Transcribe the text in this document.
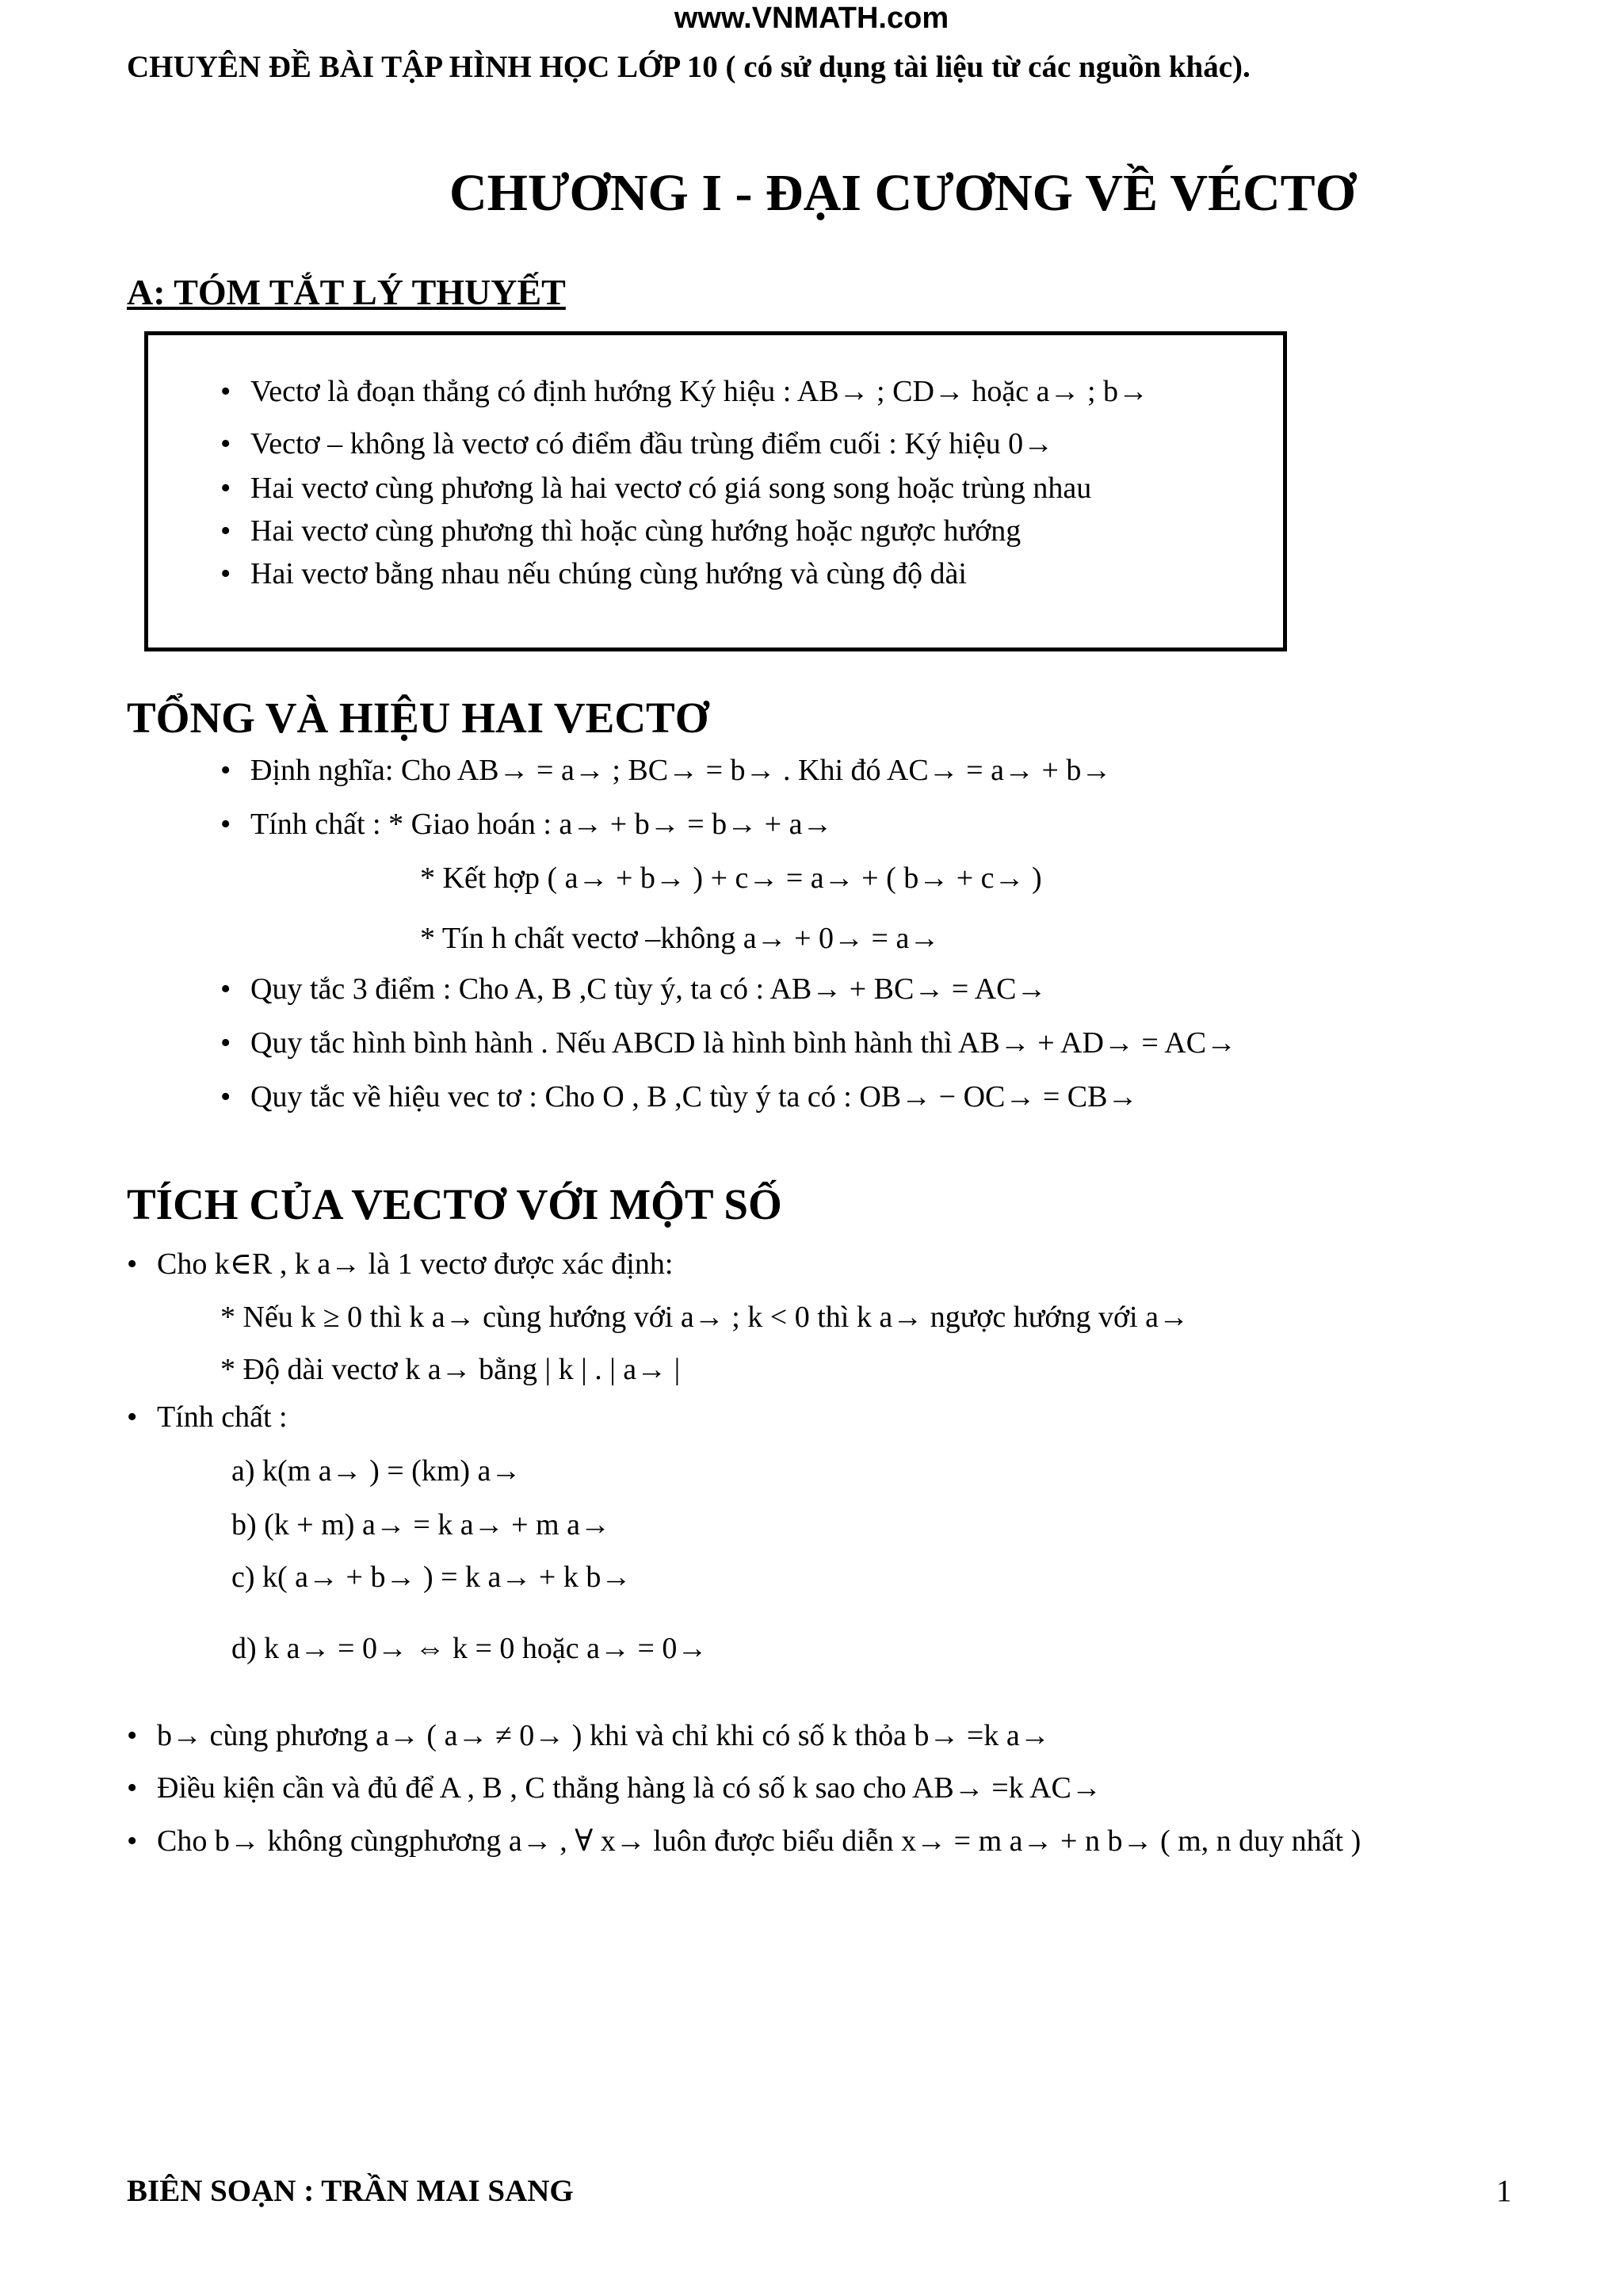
www.VNMATH.com
CHUYÊN ĐỀ BÀI TẬP HÌNH HỌC LỚP 10 ( có sử dụng tài liệu từ các nguồn khác).
CHƯƠNG I - ĐẠI CƯƠNG VỀ VÉCTƠ
A: TÓM TẮT LÝ THUYẾT
• Vectơ là đoạn thẳng có định hướng Ký hiệu : AB→ ; CD→ hoặc a→ ; b→
• Vectơ – không là vectơ có điểm đầu trùng điểm cuối : Ký hiệu 0→
• Hai vectơ cùng phương là hai vectơ có giá song song hoặc trùng nhau
• Hai vectơ cùng phương thì hoặc cùng hướng hoặc ngược hướng
• Hai vectơ bằng nhau nếu chúng cùng hướng và cùng độ dài
TỔNG VÀ HIỆU HAI VECTƠ
• Định nghĩa: Cho AB→ = a→ ; BC→ = b→ . Khi đó AC→ = a→ + b→
• Tính chất : * Giao hoán : a→ + b→ = b→ + a→
* Kết hợp ( a→ + b→ ) + c→ = a→ + ( b→ + c→ )
* Tín h chất vectơ –không a→ + 0→ = a→
• Quy tắc 3 điểm : Cho A, B ,C tùy ý, ta có : AB→ + BC→ = AC→
• Quy tắc hình bình hành . Nếu ABCD là hình bình hành thì AB→ + AD→ = AC→
• Quy tắc về hiệu vec tơ : Cho O , B ,C tùy ý ta có : OB→ − OC→ = CB→
TÍCH CỦA VECTƠ VỚI MỘT SỐ
• Cho k∈R , k a→ là 1 vectơ được xác định:
* Nếu k ≥ 0 thì k a→ cùng hướng với a→ ; k < 0 thì k a→ ngược hướng với a→
* Độ dài vectơ k a→ bằng | k | . | a→ |
• Tính chất :
a) k(m a→ ) = (km) a→
b) (k + m) a→ = k a→ + m a→
c) k( a→ + b→ ) = k a→ + k b→
d) k a→ = 0→ ⇔ k = 0 hoặc a→ = 0→
• b→ cùng phương a→ ( a→ ≠ 0→ ) khi và chỉ khi có số k thỏa b→ =k a→
• Điều kiện cần và đủ để A , B , C thẳng hàng là có số k sao cho AB→ =k AC→
• Cho b→ không cùngphương a→ , ∀ x→ luôn được biểu diễn x→ = m a→ + n b→ ( m, n duy nhất )
BIÊN SOẠN : TRẦN MAI SANG	1
